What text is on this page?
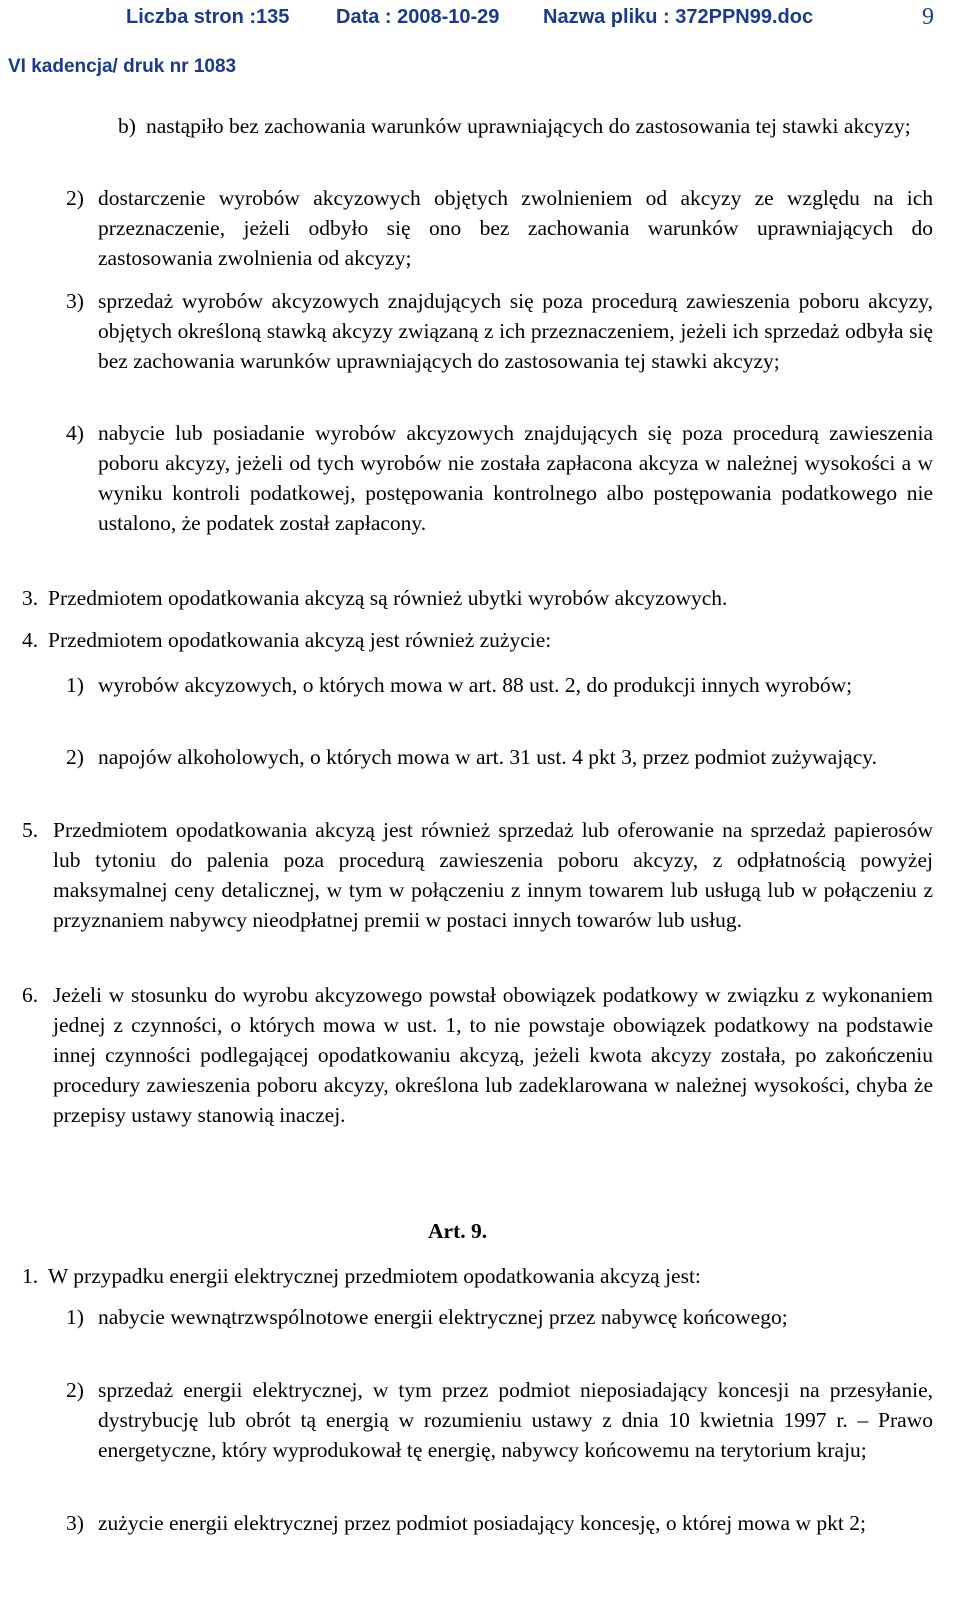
Liczba stron :135 Data : 2008-10-29 Nazwa pliku : 372PPN99.doc	9
VI kadencja/ druk nr 1083
b) nastąpiło bez zachowania warunków uprawniających do zastosowania tej stawki akcyzy;

2) dostarczenie wyrobów akcyzowych objętych zwolnieniem od akcyzy ze względu na ich przeznaczenie, jeżeli odbyło się ono bez zachowania warunków uprawniających do zastosowania zwolnienia od akcyzy;

3) sprzedaż wyrobów akcyzowych znajdujących się poza procedurą zawieszenia poboru akcyzy, objętych określoną stawką akcyzy związaną z ich przeznaczeniem, jeżeli ich sprzedaż odbyła się bez zachowania warunków uprawniających do zastosowania tej stawki akcyzy;

4) nabycie lub posiadanie wyrobów akcyzowych znajdujących się poza procedurą zawieszenia poboru akcyzy, jeżeli od tych wyrobów nie została zapłacona akcyza w należnej wysokości a w wyniku kontroli podatkowej, postępowania kontrolnego albo postępowania podatkowego nie ustalono, że podatek został zapłacony.

3. Przedmiotem opodatkowania akcyzą są również ubytki wyrobów akcyzowych.

4. Przedmiotem opodatkowania akcyzą jest również zużycie:

1) wyrobów akcyzowych, o których mowa w art. 88 ust. 2, do produkcji innych wyrobów;

2) napojów alkoholowych, o których mowa w art. 31 ust. 4 pkt 3, przez podmiot zużywający.

5. Przedmiotem opodatkowania akcyzą jest również sprzedaż lub oferowanie na sprzedaż papierosów lub tytoniu do palenia poza procedurą zawieszenia poboru akcyzy, z odpłatnością powyżej maksymalnej ceny detalicznej, w tym w połączeniu z innym towarem lub usługą lub w połączeniu z przyznaniem nabywcy nieodpłatnej premii w postaci innych towarów lub usług.

6. Jeżeli w stosunku do wyrobu akcyzowego powstał obowiązek podatkowy w związku z wykonaniem jednej z czynności, o których mowa w ust. 1, to nie powstaje obowiązek podatkowy na podstawie innej czynności podlegającej opodatkowaniu akcyzą, jeżeli kwota akcyzy została, po zakończeniu procedury zawieszenia poboru akcyzy, określona lub zadeklarowana w należnej wysokości, chyba że przepisy ustawy stanowią inaczej.

Art. 9.
1. W przypadku energii elektrycznej przedmiotem opodatkowania akcyzą jest:

1) nabycie wewnątrzwspólnotowe energii elektrycznej przez nabywcę końcowego;

2) sprzedaż energii elektrycznej, w tym przez podmiot nieposiadający koncesji na przesyłanie, dystrybucję lub obrót tą energią w rozumieniu ustawy z dnia 10 kwietnia 1997 r. – Prawo energetyczne, który wyprodukował tę energię, nabywcy końcowemu na terytorium kraju;

3) zużycie energii elektrycznej przez podmiot posiadający koncesję, o której mowa w pkt 2;
